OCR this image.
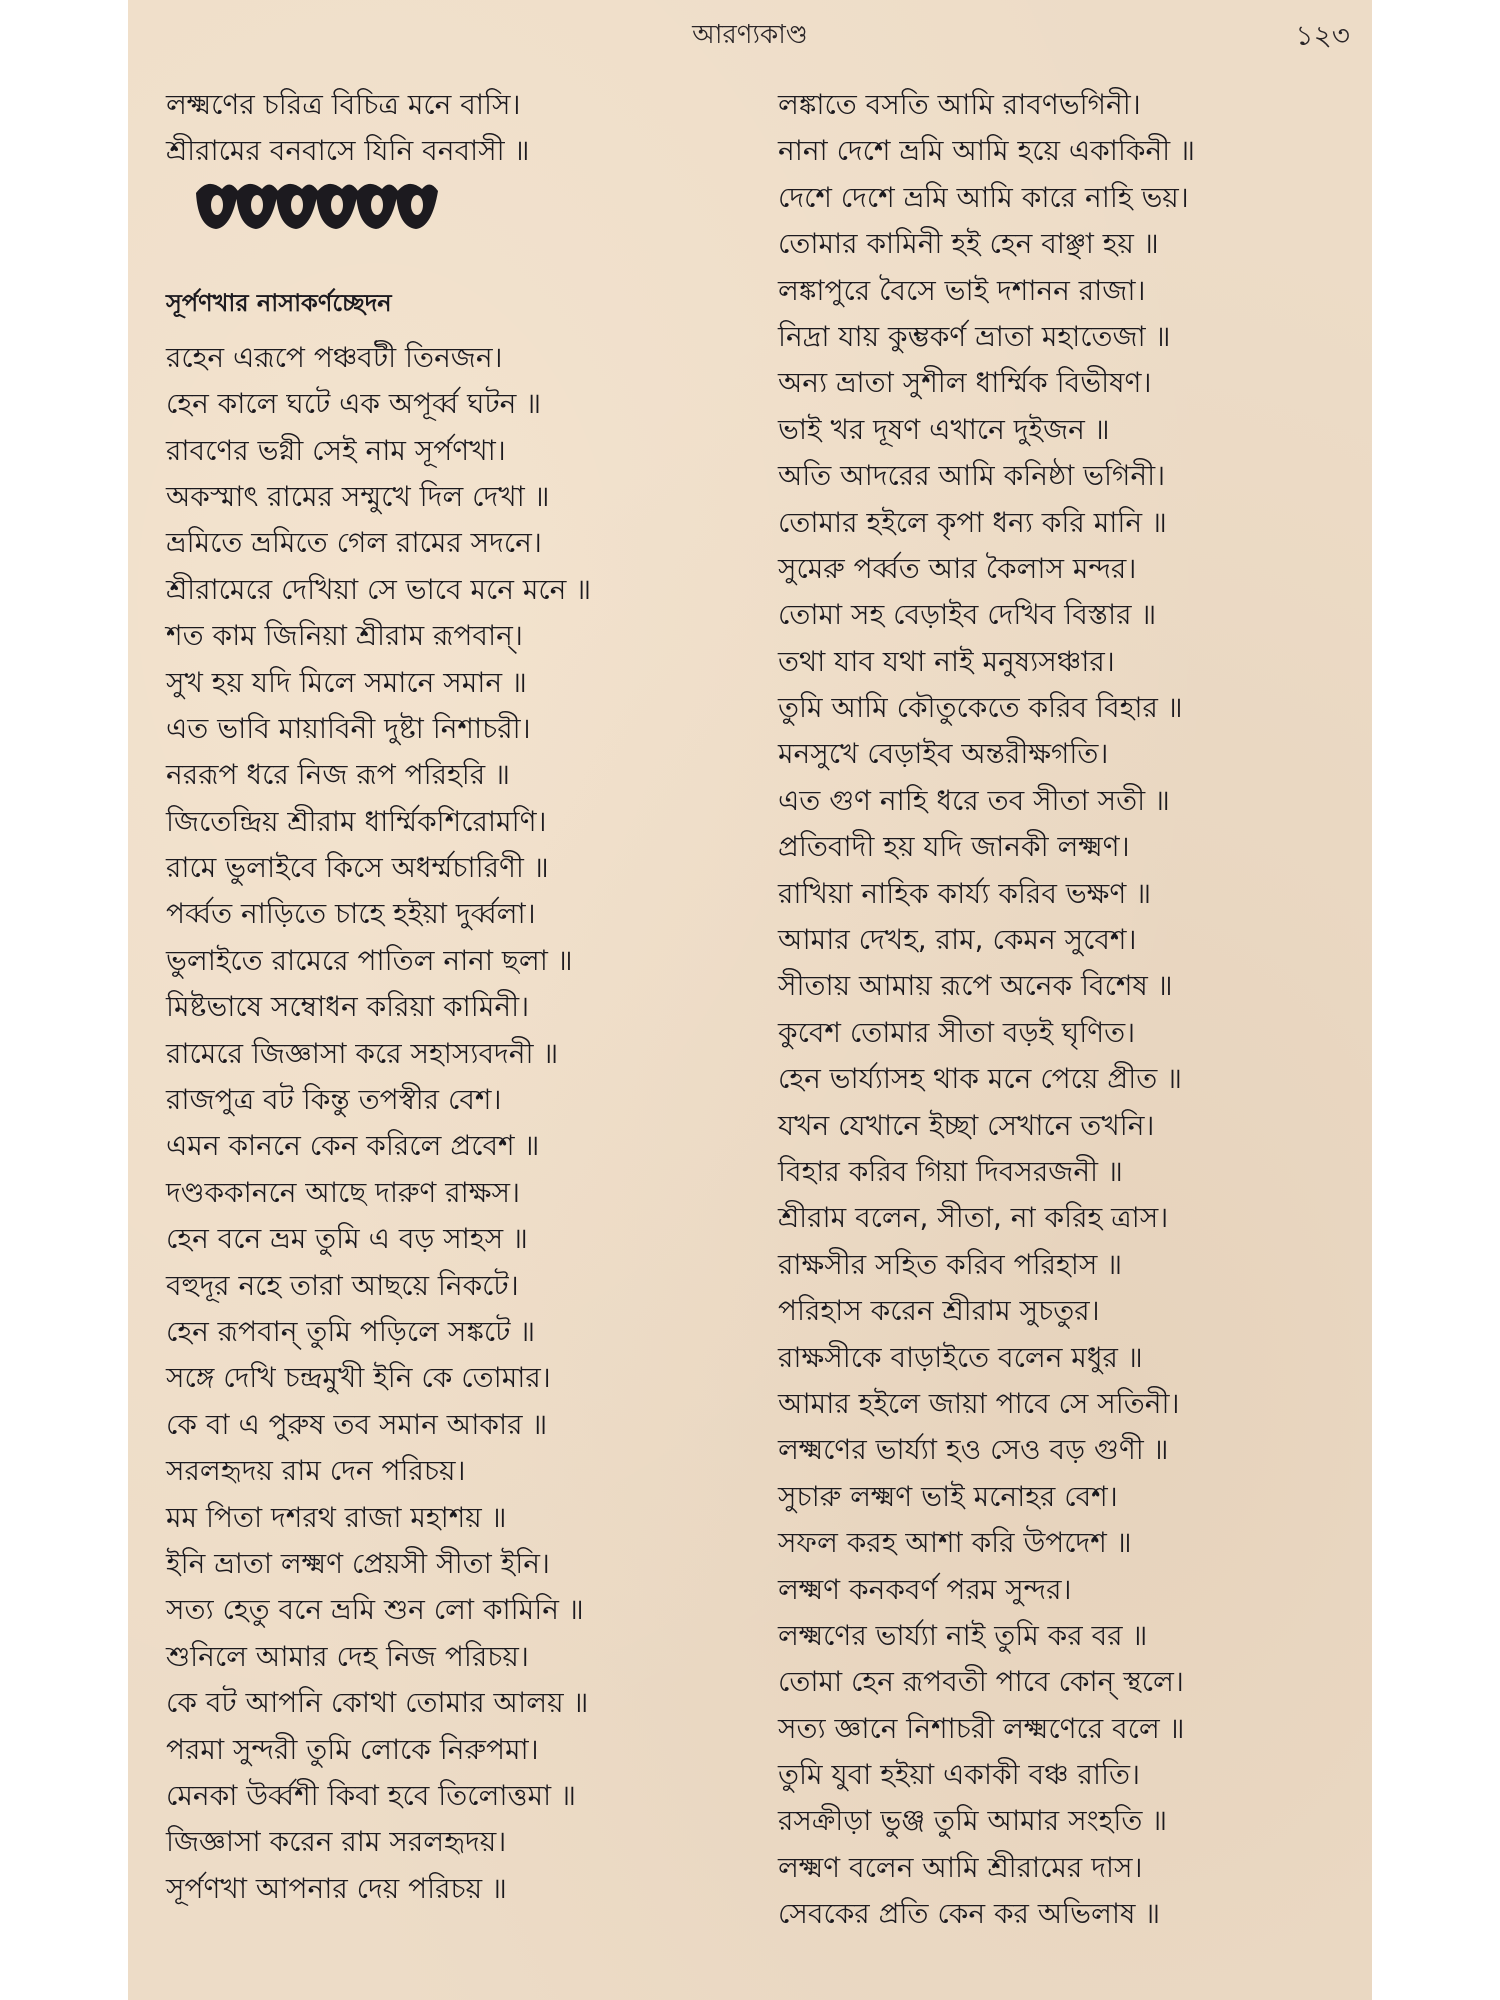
আরণ্যকাণ্ড	১২৩
লক্ষ্মণের চরিত্র বিচিত্র মনে বাসি।
শ্রীরামের বনবাসে যিনি বনবাসী ॥
সূর্পণখার নাসাকর্ণচ্ছেদন
রহেন এরূপে পঞ্চবটী তিনজন।
হেন কালে ঘটে এক অপূর্ব্ব ঘটন ॥
রাবণের ভগ্নী সেই নাম সূর্পণখা।
অকস্মাৎ রামের সম্মুখে দিল দেখা ॥
ভ্রমিতে ভ্রমিতে গেল রামের সদনে।
শ্রীরামেরে দেখিয়া সে ভাবে মনে মনে ॥
শত কাম জিনিয়া শ্রীরাম রূপবান্।
সুখ হয় যদি মিলে সমানে সমান ॥
এত ভাবি মায়াবিনী দুষ্টা নিশাচরী।
নররূপ ধরে নিজ রূপ পরিহরি ॥
জিতেন্দ্রিয় শ্রীরাম ধার্ম্মিকশিরোমণি।
রামে ভুলাইবে কিসে অধর্ম্মচারিণী ॥
পর্ব্বত নাড়িতে চাহে হইয়া দুর্ব্বলা।
ভুলাইতে রামেরে পাতিল নানা ছলা ॥
মিষ্টভাষে সম্বোধন করিয়া কামিনী।
রামেরে জিজ্ঞাসা করে সহাস্যবদনী ॥
রাজপুত্র বট কিন্তু তপস্বীর বেশ।
এমন কাননে কেন করিলে প্রবেশ ॥
দণ্ডককাননে আছে দারুণ রাক্ষস।
হেন বনে ভ্রম তুমি এ বড় সাহস ॥
বহুদূর নহে তারা আছয়ে নিকটে।
হেন রূপবান্ তুমি পড়িলে সঙ্কটে ॥
সঙ্গে দেখি চন্দ্রমুখী ইনি কে তোমার।
কে বা এ পুরুষ তব সমান আকার ॥
সরলহৃদয় রাম দেন পরিচয়।
মম পিতা দশরথ রাজা মহাশয় ॥
ইনি ভ্রাতা লক্ষ্মণ প্রেয়সী সীতা ইনি।
সত্য হেতু বনে ভ্রমি শুন লো কামিনি ॥
শুনিলে আমার দেহ নিজ পরিচয়।
কে বট আপনি কোথা তোমার আলয় ॥
পরমা সুন্দরী তুমি লোকে নিরুপমা।
মেনকা উর্ব্বশী কিবা হবে তিলোত্তমা ॥
জিজ্ঞাসা করেন রাম সরলহৃদয়।
সূর্পণখা আপনার দেয় পরিচয় ॥
লঙ্কাতে বসতি আমি রাবণভগিনী।
নানা দেশে ভ্রমি আমি হয়ে একাকিনী ॥
দেশে দেশে ভ্রমি আমি কারে নাহি ভয়।
তোমার কামিনী হই হেন বাঞ্ছা হয় ॥
লঙ্কাপুরে বৈসে ভাই দশানন রাজা।
নিদ্রা যায় কুম্ভকর্ণ ভ্রাতা মহাতেজা ॥
অন্য ভ্রাতা সুশীল ধার্ম্মিক বিভীষণ।
ভাই খর দূষণ এখানে দুইজন ॥
অতি আদরের আমি কনিষ্ঠা ভগিনী।
তোমার হইলে কৃপা ধন্য করি মানি ॥
সুমেরু পর্ব্বত আর কৈলাস মন্দর।
তোমা সহ বেড়াইব দেখিব বিস্তার ॥
তথা যাব যথা নাই মনুষ্যসঞ্চার।
তুমি আমি কৌতুকেতে করিব বিহার ॥
মনসুখে বেড়াইব অন্তরীক্ষগতি।
এত গুণ নাহি ধরে তব সীতা সতী ॥
প্রতিবাদী হয় যদি জানকী লক্ষ্মণ।
রাখিয়া নাহিক কার্য্য করিব ভক্ষণ ॥
আমার দেখহ, রাম, কেমন সুবেশ।
সীতায় আমায় রূপে অনেক বিশেষ ॥
কুবেশ তোমার সীতা বড়ই ঘৃণিত।
হেন ভার্য্যাসহ থাক মনে পেয়ে প্রীত ॥
যখন যেখানে ইচ্ছা সেখানে তখনি।
বিহার করিব গিয়া দিবসরজনী ॥
শ্রীরাম বলেন, সীতা, না করিহ ত্রাস।
রাক্ষসীর সহিত করিব পরিহাস ॥
পরিহাস করেন শ্রীরাম সুচতুর।
রাক্ষসীকে বাড়াইতে বলেন মধুর ॥
আমার হইলে জায়া পাবে সে সতিনী।
লক্ষ্মণের ভার্য্যা হও সেও বড় গুণী ॥
সুচারু লক্ষ্মণ ভাই মনোহর বেশ।
সফল করহ আশা করি উপদেশ ॥
লক্ষ্মণ কনকবর্ণ পরম সুন্দর।
লক্ষ্মণের ভার্য্যা নাই তুমি কর বর ॥
তোমা হেন রূপবতী পাবে কোন্ স্থলে।
সত্য জ্ঞানে নিশাচরী লক্ষ্মণেরে বলে ॥
তুমি যুবা হইয়া একাকী বঞ্চ রাতি।
রসক্রীড়া ভুঞ্জ তুমি আমার সংহতি ॥
লক্ষ্মণ বলেন আমি শ্রীরামের দাস।
সেবকের প্রতি কেন কর অভিলাষ ॥
